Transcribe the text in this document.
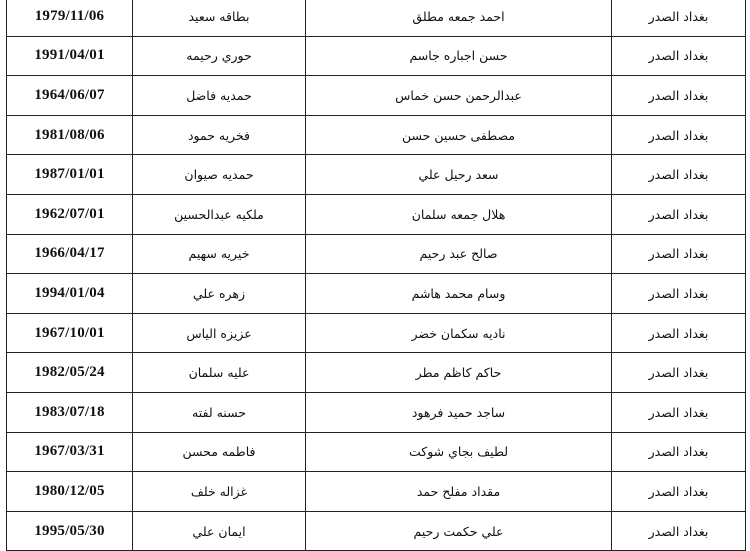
1979/11/06	بطاقه سعيد	احمد جمعه مطلق	بغداد الصدر
1991/04/01	حوري رحيمه	حسن اجباره جاسم	بغداد الصدر
1964/06/07	حمديه فاضل	عبدالرحمن حسن خماس	بغداد الصدر
1981/08/06	فخريه حمود	مصطفى حسين حسن	بغداد الصدر
1987/01/01	حمديه صيوان	سعد رحيل علي	بغداد الصدر
1962/07/01	ملكيه عبدالحسين	هلال جمعه سلمان	بغداد الصدر
1966/04/17	خيريه سهيم	صالح عبد رحيم	بغداد الصدر
1994/01/04	زهره علي	وسام محمد هاشم	بغداد الصدر
1967/10/01	عزيزه الياس	ناديه سكمان خضر	بغداد الصدر
1982/05/24	عليه سلمان	حاكم كاظم مطر	بغداد الصدر
1983/07/18	حسنه لفته	ساجد حميد فرهود	بغداد الصدر
1967/03/31	فاطمه محسن	لطيف بجاي شوكت	بغداد الصدر
1980/12/05	غزاله خلف	مقداد مفلح حمد	بغداد الصدر
1995/05/30	ايمان علي	علي حكمت رحيم	بغداد الصدر
